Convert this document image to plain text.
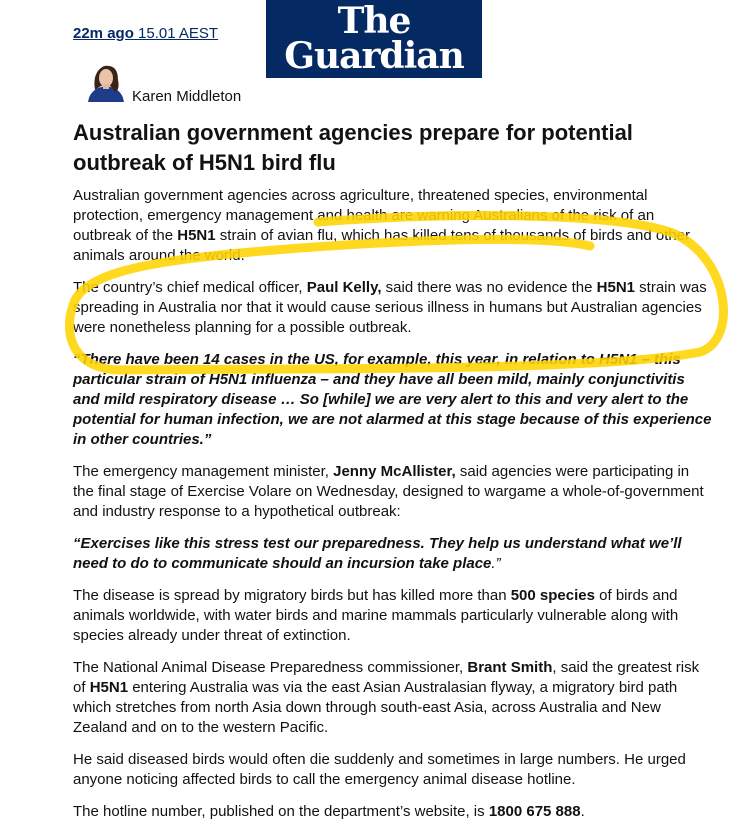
22m ago 15.01 AEST	The
Guardian
Karen Middleton
Australian government agencies prepare for potential outbreak of H5N1 bird flu

Australian government agencies across agriculture, threatened species, environmental protection, emergency management and health are warning Australians of the risk of an outbreak of the H5N1 strain of avian flu, which has killed tens of thousands of birds and other animals around the world.

The country’s chief medical officer, Paul Kelly, said there was no evidence the H5N1 strain was spreading in Australia nor that it would cause serious illness in humans but Australian agencies were nonetheless planning for a possible outbreak.

“There have been 14 cases in the US, for example, this year, in relation to H5N1 – this particular strain of H5N1 influenza – and they have all been mild, mainly conjunctivitis and mild respiratory disease … So [while] we are very alert to this and very alert to the potential for human infection, we are not alarmed at this stage because of this experience in other countries.”

The emergency management minister, Jenny McAllister, said agencies were participating in the final stage of Exercise Volare on Wednesday, designed to wargame a whole-of-government and industry response to a hypothetical outbreak:

“Exercises like this stress test our preparedness. They help us understand what we’ll need to do to communicate should an incursion take place.”

The disease is spread by migratory birds but has killed more than 500 species of birds and animals worldwide, with water birds and marine mammals particularly vulnerable along with species already under threat of extinction.

The National Animal Disease Preparedness commissioner, Brant Smith, said the greatest risk of H5N1 entering Australia was via the east Asian Australasian flyway, a migratory bird path which stretches from north Asia down through south-east Asia, across Australia and New Zealand and on to the western Pacific.

He said diseased birds would often die suddenly and sometimes in large numbers. He urged anyone noticing affected birds to call the emergency animal disease hotline.

The hotline number, published on the department’s website, is 1800 675 888.
